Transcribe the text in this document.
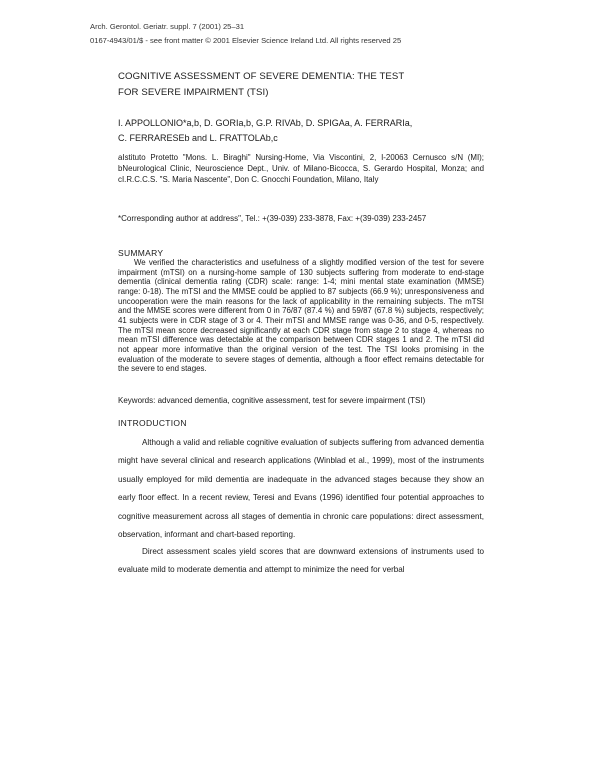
Arch. Gerontol. Geriatr. suppl. 7 (2001) 25–31
0167-4943/01/$ - see front matter © 2001 Elsevier Science Ireland Ltd. All rights reserved 25
COGNITIVE ASSESSMENT OF SEVERE DEMENTIA: THE TEST
FOR SEVERE IMPAIRMENT (TSI)
I. APPOLLONIO*a,b, D. GORIa,b, G.P. RIVAb, D. SPIGAa, A. FERRARIa,
C. FERRARESEb and L. FRATTOLAb,c

aIstituto Protetto "Mons. L. Biraghi" Nursing-Home, Via Viscontini, 2, I-20063 Cernusco s/N (MI); bNeurological Clinic, Neuroscience Dept., Univ. of Milano-Bicocca, S. Gerardo Hospital, Monza; and cI.R.C.C.S. "S. Maria Nascente", Don C. Gnocchi Foundation, Milano, Italy

*Corresponding author at address", Tel.: +(39-039) 233-3878, Fax: +(39-039) 233-2457
SUMMARY

We verified the characteristics and usefulness of a slightly modified version of the test for severe impairment (mTSI) on a nursing-home sample of 130 subjects suffering from moderate to end-stage dementia (clinical dementia rating (CDR) scale: range: 1-4; mini mental state examination (MMSE) range: 0-18). The mTSI and the MMSE could be applied to 87 subjects (66.9 %); unresponsiveness and uncooperation were the main reasons for the lack of applicability in the remaining subjects. The mTSI and the MMSE scores were different from 0 in 76/87 (87.4 %) and 59/87 (67.8 %) subjects, respectively; 41 subjects were in CDR stage of 3 or 4. Their mTSI and MMSE range was 0-36, and 0-5, respectively. The mTSI mean score decreased significantly at each CDR stage from stage 2 to stage 4, whereas no mean mTSI difference was detectable at the comparison between CDR stages 1 and 2. The mTSI did not appear more informative than the original version of the test. The TSI looks promising in the evaluation of the moderate to severe stages of dementia, although a floor effect remains detectable for the severe to end stages.

Keywords: advanced dementia, cognitive assessment, test for severe impairment (TSI)
INTRODUCTION

Although a valid and reliable cognitive evaluation of subjects suffering from advanced dementia might have several clinical and research applications (Winblad et al., 1999), most of the instruments usually employed for mild dementia are inadequate in the advanced stages because they show an early floor effect. In a recent review, Teresi and Evans (1996) identified four potential approaches to cognitive measurement across all stages of dementia in chronic care populations: direct assessment, observation, informant and chart-based reporting.

Direct assessment scales yield scores that are downward extensions of instruments used to evaluate mild to moderate dementia and attempt to minimize the need for verbal
